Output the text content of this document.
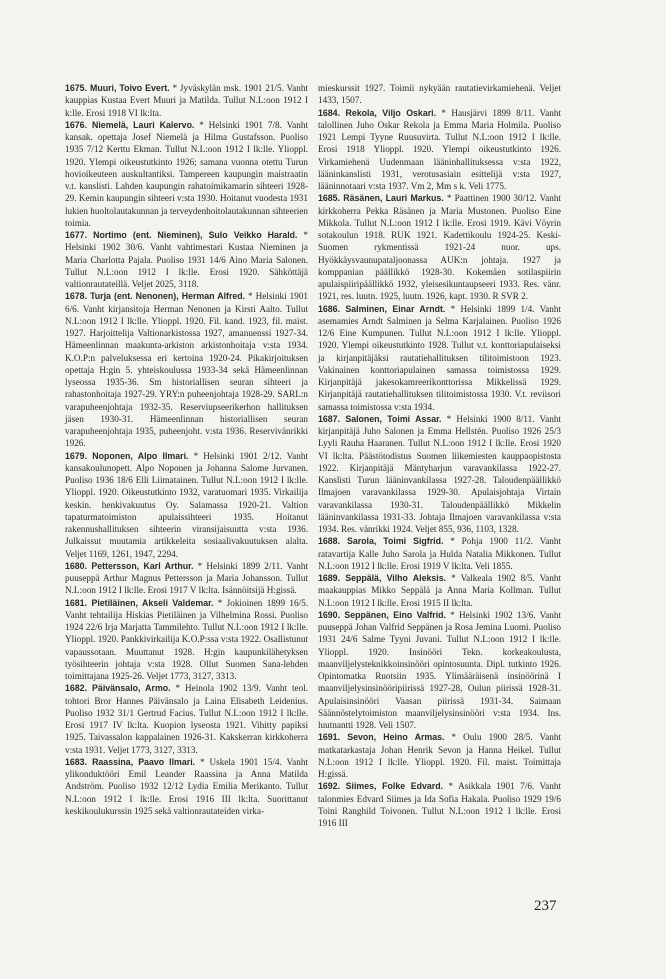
1675. Muuri, Toivo Evert. * Jyväskylän msk. 1901 21/5. Vanht kauppias Kustaa Evert Muuri ja Matilda. Tullut N.L:oon 1912 I k:lle. Erosi 1918 VI lk:lta.

1676. Niemelä, Lauri Kalervo. * Helsinki 1901 7/8. Vanht kansak. opettaja Josef Niemelä ja Hilma Gustafsson. Puoliso 1935 7/12 Kerttu Ekman. Tullut N.L:oon 1912 I lk:lle. Ylioppl. 1920. Ylempi oikeustutkinto 1926; samana vuonna otettu Turun hovioikeuteen auskultantiksi. Tampereen kaupungin maistraatin v.t. kanslisti. Lahden kaupungin rahatoimikamarin sihteeri 1928-29. Kemin kaupungin sihteeri v:sta 1930. Hoitanut vuodesta 1931 lukien huoltolautakunnan ja terveydenhoitolautakunnan sihteerien toimia.

1677. Nortimo (ent. Nieminen), Sulo Veikko Harald. * Helsinki 1902 30/6. Vanht vahtimestari Kustaa Nieminen ja Maria Charlotta Pajala. Puoliso 1931 14/6 Aino Maria Salonen. Tullut N.L:oon 1912 I lk:lle. Erosi 1920. Sähköttäjä valtionrautateillä. Veljet 2025, 3118.

1678. Turja (ent. Nenonen), Herman Alfred. * Helsinki 1901 6/6. Vanht kirjansitoja Herman Nenonen ja Kirsti Aalto. Tullut N.L:oon 1912 I lk:lle. Ylioppl. 1920. Fil. kand. 1923, fil. maist. 1927. Harjoittelija Valtionarkistossa 1927, amanuenssi 1927-34. Hämeenlinnan maakunta-arkiston arkistonhoitaja v:sta 1934. K.O.P:n palveluksessa eri kertoina 1920-24. Pikakirjoituksen opettaja H:gin 5. yhteiskoulussa 1933-34 sekä Hämeenlinnan lyseossa 1935-36. Sm historiallisen seuran sihteeri ja rahastonhoitaja 1927-29. YRY:n puheenjohtaja 1928-29. SARL:n varapuheenjohtaja 1932-35. Reserviupseerikerhon hallituksen jäsen 1930-31. Hämeenlinnan historiallisen seuran varapuheenjohtaja 1935, puheenjoht. v:sta 1936. Reservivänrikki 1926.

1679. Noponen, Alpo Ilmari. * Helsinki 1901 2/12. Vanht kansakoulunopett. Alpo Noponen ja Johanna Salome Jurvanen. Puoliso 1936 18/6 Elli Liimatainen. Tullut N.L:oon 1912 I lk:lle. Ylioppl. 1920. Oikeustutkinto 1932, varatuomari 1935. Virkailija keskin. henkivakuutus Oy. Salamassa 1920-21. Valtion tapaturmatoimiston apulaissihteeri 1935. Hoitanut rakennushallituksen sihteerin viransijaisuutta v:sta 1936. Julkaissut muutamia artikkeleita sosiaalivakuutuksen alalta. Veljet 1169, 1261, 1947, 2294.

1680. Pettersson, Karl Arthur. * Helsinki 1899 2/11. Vanht puuseppä Arthur Magnus Pettersson ja Maria Johansson. Tullut N.L:oon 1912 I lk:lle. Erosi 1917 V lk:lta. Isännöitsijä H:gissä.

1681. Pietiläinen, Akseli Valdemar. * Jokioinen 1899 16/5. Vanht tehtailija Hiskias Pietiläinen ja Vilhelmina Rossi. Puoliso 1924 22/6 Irja Marjatta Tammilehto. Tullut N.L:oon 1912 I lk:lle. Ylioppl. 1920. Pankkivirkailija K.O.P:ssa v:sta 1922. Osallistunut vapaussotaan. Muuttanut 1928. H:gin kaupunkilähetyksen työsihteerin johtaja v:sta 1928. Ollut Suomen Sana-lehden toimittajana 1925-26. Veljet 1773, 3127, 3313.

1682. Päivänsalo, Armo. * Heinola 1902 13/9. Vanht teol. tohtori Bror Hannes Päivänsalo ja Laina Elisabeth Leidenius. Puoliso 1932 31/1 Gertrud Facius. Tullut N.L:oon 1912 I lk:lle. Erosi 1917 IV lk:lta. Kuopion lyseosta 1921. Vihitty papiksi 1925. Taivassalon kappalainen 1926-31. Kakskerran kirkkoherra v:sta 1931. Veljet 1773, 3127, 3313.

1683. Raassina, Paavo Ilmari. * Uskela 1901 15/4. Vanht ylikonduktööri Emil Leander Raassina ja Anna Matilda Andström. Puoliso 1932 12/12 Lydia Emilia Merikanto. Tullut N.L:oon 1912 I lk:lle. Erosi 1916 III lk:lta. Suorittanut keskikoulukurssin 1925 sekä valtionrautateiden virka-

mieskurssit 1927. Toimii nykyään rautatievirkamiehenä. Veljet 1433, 1507.

1684. Rekola, Viljo Oskari. * Hausjärvi 1899 8/11. Vanht talollinen Juho Oskar Rekola ja Emma Maria Holmila. Puoliso 1921 Lempi Tyyne Ruusuvirta. Tullut N.L:oon 1912 I lk:lle. Erosi 1918 Ylioppl. 1920. Ylempi oikeustutkinto 1926. Virkamiehenä Uudenmaan lääninhallituksessa v:sta 1922, lääninkanslisti 1931, verotusasiain esittelijä v:sta 1927, lääninnotaari v:sta 1937. Vm 2, Mm s k. Veli 1775.

1685. Räsänen, Lauri Markus. * Paattinen 1900 30/12. Vanht kirkkoherra Pekka Räsänen ja Maria Mustonen. Puoliso Eine Mikkola. Tullut N.L:oon 1912 I lk:lle. Erosi 1919. Kävi Vöyrin sotakoulun 1918. RUK 1921. Kadettikoulu 1924-25. Keski-Suomen rykmentissä 1921-24 nuor. ups. Hyökkäysvaunupataljoonassa AUK:n johtaja. 1927 ja komppanian päällikkö 1928-30. Kokemäen sotilaspiirin apulaispiiripäällikkö 1932, yleisesikuntaupseeri 1933. Res. vänr. 1921, res. luutn. 1925, luutn. 1926, kapt. 1930. R SVR 2.

1686. Salminen, Einar Arndt. * Helsinki 1899 1/4. Vanht asemamies Arndt Salminen ja Selma Karjalainen. Puoliso 1926 12/6 Eine Kumpunen. Tullut N.L:oon 1912 I lk:lle. Ylioppl. 1920. Ylempi oikeustutkinto 1928. Tullut v.t. konttoriapulaiseksi ja kirjanpitäjäksi rautatiehallituksen tilitoimistoon 1923. Vakinainen konttoriapulainen samassa toimistossa 1929. Kirjanpitäjä jakesokamreerikonttorissa Mikkelissä 1929. Kirjanpitäjä rautatiehallituksen tilitoimistossa 1930. V.t. reviisori samassa toimistossa v:sta 1934.

1687. Salonen, Toimi Assar. * Helsinki 1900 8/11. Vanht kirjanpitäjä Juho Salonen ja Emma Hellstén. Puoliso 1926 25/3 Lyyli Rauha Haaranen. Tullut N.L:oon 1912 I lk:lle. Erosi 1920 VI lk:lta. Päästötodistus Suomen liikemiesten kauppaopistosta 1922. Kirjanpitäjä Mäntyharjun varavankilassa 1922-27. Kanslisti Turun lääninvankilassa 1927-28. Taloudenpäällikkö Ilmajoen varavankilassa 1929-30. Apulaisjohtaja Virtain varavankilassa 1930-31. Taloudenpäällikkö Mikkelin lääninvankilassa 1931-33. Johtaja Ilmajoen varavankilassa v:sta 1934. Res. vänrikki 1924. Veljet 855, 936, 1103, 1328.

1688. Sarola, Toimi Sigfrid. * Pohja 1900 11/2. Vanht ratavartija Kalle Juho Sarola ja Hulda Natalia Mikkonen. Tullut N.L:oon 1912 I lk:lle. Erosi 1919 V lk:lta. Veli 1855.

1689. Seppälä, Vilho Aleksis. * Valkeala 1902 8/5. Vanht maakauppias Mikko Seppälä ja Anna Maria Kollman. Tullut N.L:oon 1912 I lk:lle. Erosi 1915 II lk:lta.

1690. Seppänen, Eino Valfrid. * Helsinki 1902 13/6. Vanht puuseppä Johan Valfrid Seppänen ja Rosa Jemina Luomi. Puoliso 1931 24/6 Salme Tyyni Juvani. Tullut N.L:oon 1912 I lk:lle. Ylioppl. 1920. Insinööri Tekn. korkeakoulusta, maanviljelysteknikkoinsinööri opintosuunta. Dipl. tutkinto 1926. Opintomatka Ruotsiin 1935. Ylimääräisenä insinöörinä I maanviljelysinsinööripiirissä 1927-28, Oulun piirissä 1928-31. Apulaisinsinööri Vaasan piirissä 1931-34. Saimaan Säännöstelytoimiston maanviljelysinsinööri v:sta 1934. Ins. luutnantti 1928. Veli 1507.

1691. Sevon, Heino Armas. * Oulu 1900 28/5. Vanht matkatarkastaja Johan Henrik Sevon ja Hanna Heikel. Tullut N.L:oon 1912 I lk:lle. Ylioppl. 1920. Fil. maist. Toimittaja H:gissä.

1692. Siimes, Folke Edvard. * Asikkala 1901 7/6. Vanht talonmies Edvard Siimes ja Ida Sofia Hakala. Puoliso 1929 19/6 Toini Ranghild Toivonen. Tullut N.L:oon 1912 I lk:lle. Erosi 1916 III

237
